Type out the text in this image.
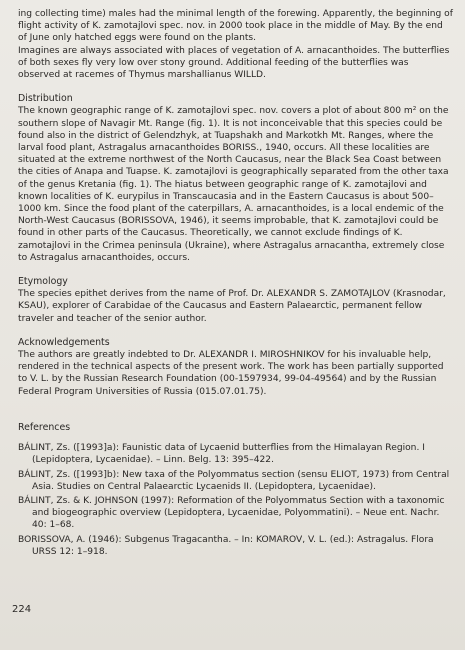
ing collecting time) males had the minimal length of the forewing. Apparently, the beginning of flight activity of K. zamotajlovi spec. nov. in 2000 took place in the middle of May. By the end of June only hatched eggs were found on the plants.

Imagines are always associated with places of vegetation of A. arnacanthoides. The butterflies of both sexes fly very low over stony ground. Additional feeding of the butterflies was observed at racemes of Thymus marshallianus WILLD.

Distribution

The known geographic range of K. zamotajlovi spec. nov. covers a plot of about 800 m² on the southern slope of Navagir Mt. Range (fig. 1). It is not inconceivable that this species could be found also in the district of Gelendzhyk, at Tuapshakh and Markotkh Mt. Ranges, where the larval food plant, Astragalus arnacanthoides BORISS., 1940, occurs. All these localities are situated at the extreme northwest of the North Caucasus, near the Black Sea Coast between the cities of Anapa and Tuapse. K. zamotajlovi is geographically separated from the other taxa of the genus Kretania (fig. 1). The hiatus between geographic range of K. zamotajlovi and known localities of K. eurypilus in Transcaucasia and in the Eastern Caucasus is about 500–1000 km. Since the food plant of the caterpillars, A. arnacanthoides, is a local endemic of the North-West Caucasus (BORISSOVA, 1946), it seems improbable, that K. zamotajlovi could be found in other parts of the Caucasus. Theoretically, we cannot exclude findings of K. zamotajlovi in the Crimea peninsula (Ukraine), where Astragalus arnacantha, extremely close to Astragalus arnacanthoides, occurs.

Etymology

The species epithet derives from the name of Prof. Dr. ALEXANDR S. ZAMOTAJLOV (Krasnodar, KSAU), explorer of Carabidae of the Caucasus and Eastern Palaearctic, permanent fellow traveler and teacher of the senior author.

Acknowledgements

The authors are greatly indebted to Dr. ALEXANDR I. MIROSHNIKOV for his invaluable help, rendered in the technical aspects of the present work. The work has been partially supported to V. L. by the Russian Research Foundation (00-1597934, 99-04-49564) and by the Russian Federal Program Universities of Russia (015.07.01.75).

References

BÁLINT, Zs. ([1993]a): Faunistic data of Lycaenid butterflies from the Himalayan Region. I (Lepidoptera, Lycaenidae). – Linn. Belg. 13: 395–422.

BÁLINT, Zs. ([1993]b): New taxa of the Polyommatus section (sensu ELIOT, 1973) from Central Asia. Studies on Central Palaearctic Lycaenids II. (Lepidoptera, Lycaenidae).

BÁLINT, Zs. & K. JOHNSON (1997): Reformation of the Polyommatus Section with a taxonomic and biogeographic overview (Lepidoptera, Lycaenidae, Polyommatini). – Neue ent. Nachr. 40: 1–68.

BORISSOVA, A. (1946): Subgenus Tragacantha. – In: KOMAROV, V. L. (ed.): Astragalus. Flora URSS 12: 1–918.

224
